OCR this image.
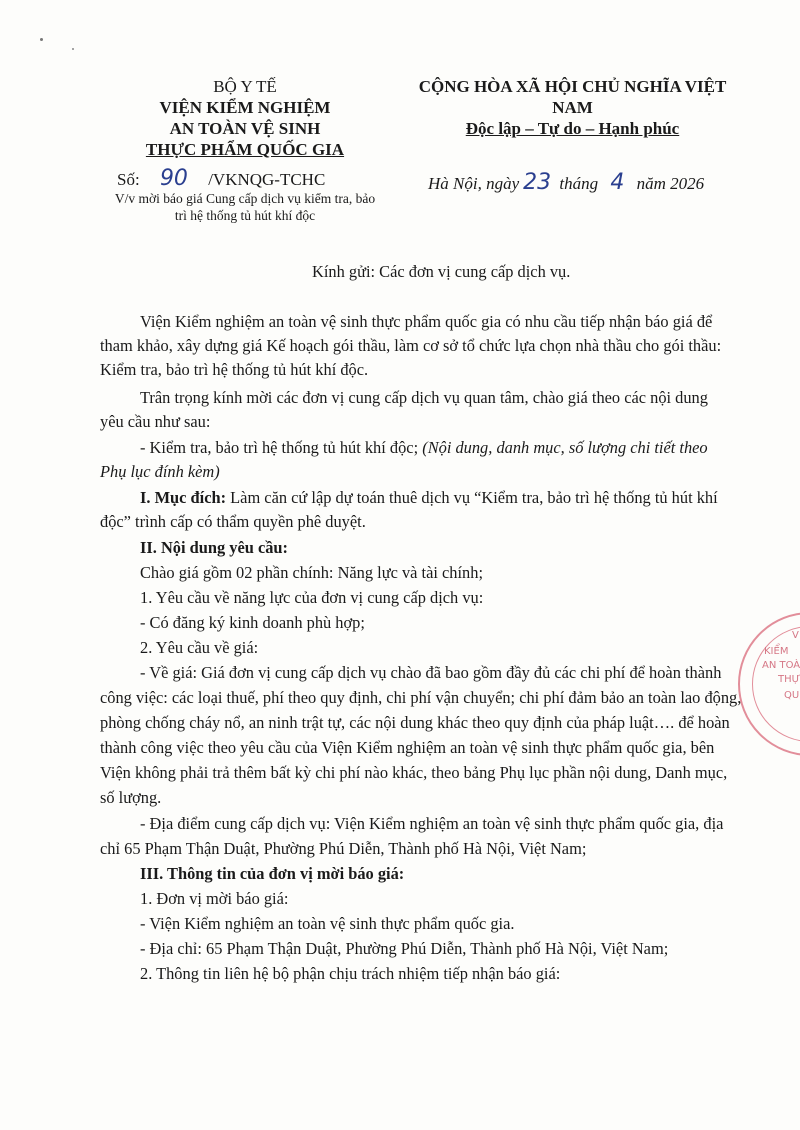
BỘ Y TẾ
VIỆN KIỂM NGHIỆM
AN TOÀN VỆ SINH
THỰC PHẨM QUỐC GIA
Số: 90 /VKNQG-TCHC
V/v mời báo giá Cung cấp dịch vụ kiểm tra, bảo
trì hệ thống tủ hút khí độc
CỘNG HÒA XÃ HỘI CHỦ NGHĨA VIỆT NAM
Độc lập – Tự do – Hạnh phúc
Hà Nội, ngày 23 tháng 4 năm 2026
Kính gửi: Các đơn vị cung cấp dịch vụ.
Viện Kiểm nghiệm an toàn vệ sinh thực phẩm quốc gia có nhu cầu tiếp nhận báo giá để
tham khảo, xây dựng giá Kế hoạch gói thầu, làm cơ sở tổ chức lựa chọn nhà thầu cho gói thầu:
Kiểm tra, bảo trì hệ thống tủ hút khí độc.
Trân trọng kính mời các đơn vị cung cấp dịch vụ quan tâm, chào giá theo các nội dung
yêu cầu như sau:
- Kiểm tra, bảo trì hệ thống tủ hút khí độc; (Nội dung, danh mục, số lượng chi tiết theo
Phụ lục đính kèm)
I. Mục đích: Làm căn cứ lập dự toán thuê dịch vụ “Kiểm tra, bảo trì hệ thống tủ hút khí
độc” trình cấp có thẩm quyền phê duyệt.
II. Nội dung yêu cầu:
Chào giá gồm 02 phần chính: Năng lực và tài chính;
1. Yêu cầu về năng lực của đơn vị cung cấp dịch vụ:
- Có đăng ký kinh doanh phù hợp;
2. Yêu cầu về giá:
- Về giá: Giá đơn vị cung cấp dịch vụ chào đã bao gồm đầy đủ các chi phí để hoàn thành
công việc: các loại thuế, phí theo quy định, chi phí vận chuyển; chi phí đảm bảo an toàn lao động,
phòng chống cháy nổ, an ninh trật tự, các nội dung khác theo quy định của pháp luật…. để hoàn
thành công việc theo yêu cầu của Viện Kiểm nghiệm an toàn vệ sinh thực phẩm quốc gia, bên
Viện không phải trả thêm bất kỳ chi phí nào khác, theo bảng Phụ lục phần nội dung, Danh mục,
số lượng.
- Địa điểm cung cấp dịch vụ: Viện Kiểm nghiệm an toàn vệ sinh thực phẩm quốc gia, địa
chỉ 65 Phạm Thận Duật, Phường Phú Diễn, Thành phố Hà Nội, Việt Nam;
III. Thông tin của đơn vị mời báo giá:
1. Đơn vị mời báo giá:
- Viện Kiểm nghiệm an toàn vệ sinh thực phẩm quốc gia.
- Địa chỉ: 65 Phạm Thận Duật, Phường Phú Diễn, Thành phố Hà Nội, Việt Nam;
2. Thông tin liên hệ bộ phận chịu trách nhiệm tiếp nhận báo giá:
V
KIỂM
AN TOÀ
THỰ
QU
